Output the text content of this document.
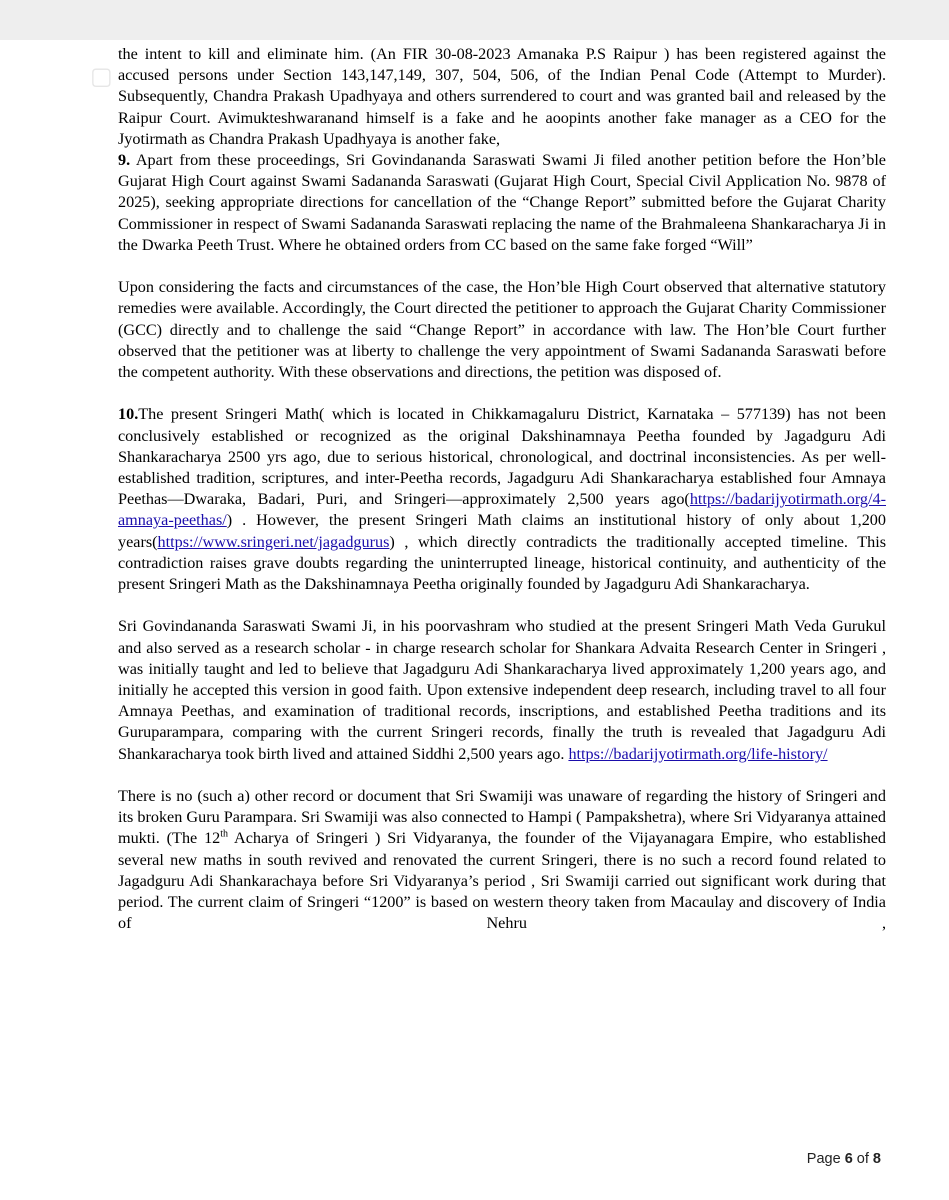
▢

the intent to kill and eliminate him. (An FIR 30-08-2023 Amanaka P.S Raipur ) has been registered against the accused persons under Section 143,147,149, 307, 504, 506, of the Indian Penal Code (Attempt to Murder). Subsequently, Chandra Prakash Upadhyaya and others surrendered to court and was granted bail and released by the Raipur Court. Avimukteshwaranand himself is a fake and he aoopints another fake manager as a CEO for the Jyotirmath as Chandra Prakash Upadhyaya is another fake,

9. Apart from these proceedings, Sri Govindananda Saraswati Swami Ji filed another petition before the Hon’ble Gujarat High Court against Swami Sadananda Saraswati (Gujarat High Court, Special Civil Application No. 9878 of 2025), seeking appropriate directions for cancellation of the “Change Report” submitted before the Gujarat Charity Commissioner in respect of Swami Sadananda Saraswati replacing the name of the Brahmaleena Shankaracharya Ji in the Dwarka Peeth Trust. Where he obtained orders from CC based on the same fake forged “Will”

Upon considering the facts and circumstances of the case, the Hon’ble High Court observed that alternative statutory remedies were available. Accordingly, the Court directed the petitioner to approach the Gujarat Charity Commissioner (GCC) directly and to challenge the said “Change Report” in accordance with law. The Hon’ble Court further observed that the petitioner was at liberty to challenge the very appointment of Swami Sadananda Saraswati before the competent authority. With these observations and directions, the petition was disposed of.

10.The present Sringeri Math( which is located in Chikkamagaluru District, Karnataka – 577139) has not been conclusively established or recognized as the original Dakshinamnaya Peetha founded by Jagadguru Adi Shankaracharya 2500 yrs ago, due to serious historical, chronological, and doctrinal inconsistencies. As per well-established tradition, scriptures, and inter-Peetha records, Jagadguru Adi Shankaracharya established four Amnaya Peethas—Dwaraka, Badari, Puri, and Sringeri—approximately 2,500 years ago(https://badarijyotirmath.org/4-amnaya-peethas/) . However, the present Sringeri Math claims an institutional history of only about 1,200 years(https://www.sringeri.net/jagadgurus) , which directly contradicts the traditionally accepted timeline. This contradiction raises grave doubts regarding the uninterrupted lineage, historical continuity, and authenticity of the present Sringeri Math as the Dakshinamnaya Peetha originally founded by Jagadguru Adi Shankaracharya.

Sri Govindananda Saraswati Swami Ji, in his poorvashram who studied at the present Sringeri Math Veda Gurukul and also served as a research scholar - in charge research scholar for Shankara Advaita Research Center in Sringeri , was initially taught and led to believe that Jagadguru Adi Shankaracharya lived approximately 1,200 years ago, and initially he accepted this version in good faith. Upon extensive independent deep research, including travel to all four Amnaya Peethas, and examination of traditional records, inscriptions, and established Peetha traditions and its Guruparampara, comparing with the current Sringeri records, finally the truth is revealed that Jagadguru Adi Shankaracharya took birth lived and attained Siddhi 2,500 years ago. https://badarijyotirmath.org/life-history/

There is no (such a) other record or document that Sri Swamiji was unaware of regarding the history of Sringeri and its broken Guru Parampara. Sri Swamiji was also connected to Hampi ( Pampakshetra), where Sri Vidyaranya attained mukti. (The 12th Acharya of Sringeri ) Sri Vidyaranya, the founder of the Vijayanagara Empire, who established several new maths in south revived and renovated the current Sringeri, there is no such a record found related to Jagadguru Adi Shankarachaya before Sri Vidyaranya’s period , Sri Swamiji carried out significant work during that period. The current claim of Sringeri “1200” is based on western theory taken from Macaulay and discovery of India of Nehru ,

Page 6 of 8
